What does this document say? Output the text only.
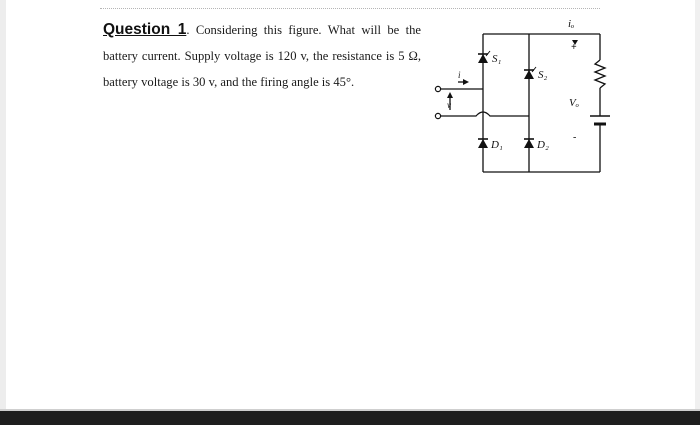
Question 1. Considering this figure. What will be the battery current. Supply voltage is 120 v, the resistance is 5 Ω, battery voltage is 30 v, and the firing angle is 45°.
S₁
S₂
D₁	D₂
iₒ
Vₒ
i
v
+
-
